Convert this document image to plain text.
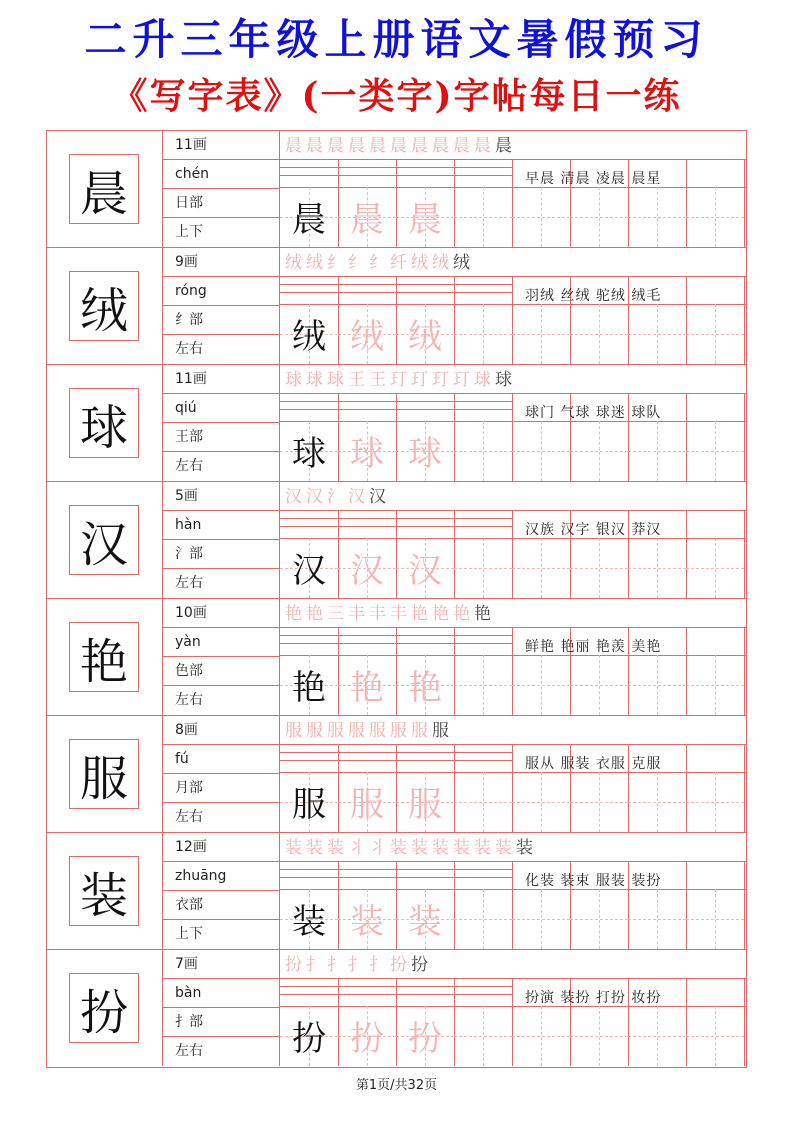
二升三年级上册语文暑假预习
《写字表》(一类字)字帖每日一练
晨
11画
chén
日部
上下
晨 晨 晨 晨 晨 晨 晨 晨 晨 晨 晨
早晨 清晨 凌晨 晨星
晨 晨 晨
绒
9画
róng
纟部
左右
绒 绒 纟 纟 纟 纤 绒 绒 绒
羽绒 丝绒 驼绒 绒毛
绒 绒 绒
球
11画
qiú
王部
左右
球 球 球 王 王 玎 玎 玎 玎 球 球
球门 气球 球迷 球队
球 球 球
汉
5画
hàn
氵部
左右
汉 汉 氵 汉 汉
汉族 汉字 银汉 莽汉
汉 汉 汉
艳
10画
yàn
色部
左右
艳 艳 三 丰 丰 丰 艳 艳 艳 艳
鲜艳 艳丽 艳羡 美艳
艳 艳 艳
服
8画
fú
月部
左右
服 服 服 服 服 服 服 服
服从 服装 衣服 克服
服 服 服
装
12画
zhuāng
衣部
上下
装 装 装 丬 丬 装 装 装 装 装 装 装
化装 装束 服装 装扮
装 装 装
扮
7画
bàn
扌部
左右
扮 扌 扌 扌 扌 扮 扮
扮演 装扮 打扮 妆扮
扮 扮 扮
第1页/共32页
